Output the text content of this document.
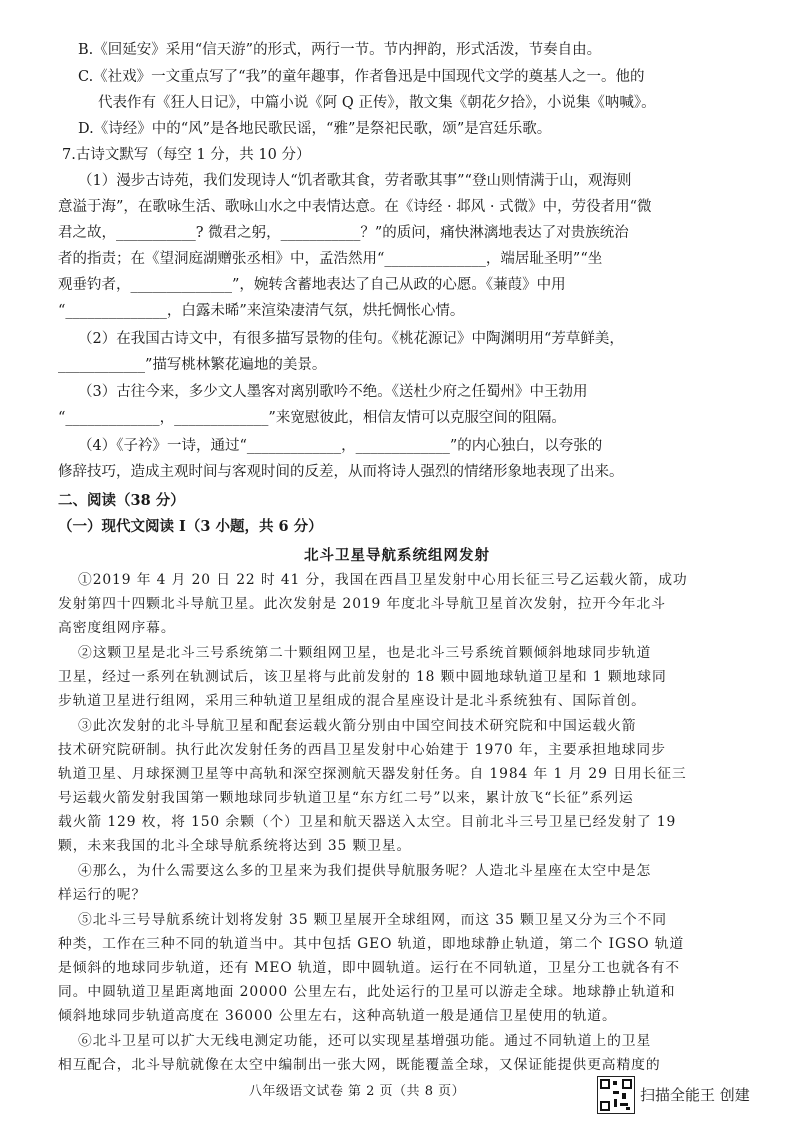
B.《回延安》采用“信天游”的形式，两行一节。节内押韵，形式活泼，节奏自由。
C.《社戏》一文重点写了“我”的童年趣事，作者鲁迅是中国现代文学的奠基人之一。他的
代表作有《狂人日记》，中篇小说《阿 Q 正传》，散文集《朝花夕拾》，小说集《呐喊》。
D.《诗经》中的“风”是各地民歌民谣，“雅”是祭祀民歌，颂”是宫廷乐歌。
7.古诗文默写（每空 1 分，共 10 分）
（1）漫步古诗苑，我们发现诗人“饥者歌其食，劳者歌其事”“登山则情满于山，观海则
意溢于海”，在歌咏生活、歌咏山水之中表情达意。在《诗经 · 邶风 · 式微》中，劳役者用“微
君之故，___________? 微君之躬，___________？”的质问，痛快淋漓地表达了对贵族统治
者的指责；在《望洞庭湖赠张丞相》中，孟浩然用“______________，端居耻圣明”“坐
观垂钓者，______________”，婉转含蓄地表达了自己从政的心愿。《蒹葭》中用
“______________，白露未晞”来渲染凄清气氛，烘托惆怅心情。
（2）在我国古诗文中，有很多描写景物的佳句。《桃花源记》中陶渊明用“芳草鲜美，
____________”描写桃林繁花遍地的美景。
（3）古往今来，多少文人墨客对离别歌吟不绝。《送杜少府之任蜀州》中王勃用
“_____________，_____________”来宽慰彼此，相信友情可以克服空间的阻隔。
（4）《子衿》一诗，通过“_____________，_____________”的内心独白，以夸张的
修辞技巧，造成主观时间与客观时间的反差，从而将诗人强烈的情绪形象地表现了出来。
二、阅读（38 分）
（一）现代文阅读 I（3 小题，共 6 分）
北斗卫星导航系统组网发射
①2019 年 4 月 20 日 22 时 41 分，我国在西昌卫星发射中心用长征三号乙运载火箭，成功
发射第四十四颗北斗导航卫星。此次发射是 2019 年度北斗导航卫星首次发射，拉开今年北斗
高密度组网序幕。
②这颗卫星是北斗三号系统第二十颗组网卫星，也是北斗三号系统首颗倾斜地球同步轨道
卫星，经过一系列在轨测试后，该卫星将与此前发射的 18 颗中圆地球轨道卫星和 1 颗地球同
步轨道卫星进行组网，采用三种轨道卫星组成的混合星座设计是北斗系统独有、国际首创。
③此次发射的北斗导航卫星和配套运载火箭分别由中国空间技术研究院和中国运载火箭
技术研究院研制。执行此次发射任务的西昌卫星发射中心始建于 1970 年，主要承担地球同步
轨道卫星、月球探测卫星等中高轨和深空探测航天器发射任务。自 1984 年 1 月 29 日用长征三
号运载火箭发射我国第一颗地球同步轨道卫星“东方红二号”以来，累计放飞“长征”系列运
载火箭 129 枚，将 150 余颗（个）卫星和航天器送入太空。目前北斗三号卫星已经发射了 19
颗，未来我国的北斗全球导航系统将达到 35 颗卫星。
④那么，为什么需要这么多的卫星来为我们提供导航服务呢？人造北斗星座在太空中是怎
样运行的呢？
⑤北斗三号导航系统计划将发射 35 颗卫星展开全球组网，而这 35 颗卫星又分为三个不同
种类，工作在三种不同的轨道当中。其中包括 GEO 轨道，即地球静止轨道，第二个 IGSO 轨道
是倾斜的地球同步轨道，还有 MEO 轨道，即中圆轨道。运行在不同轨道，卫星分工也就各有不
同。中圆轨道卫星距离地面 20000 公里左右，此处运行的卫星可以游走全球。地球静止轨道和
倾斜地球同步轨道高度在 36000 公里左右，这种高轨道一般是通信卫星使用的轨道。
⑥北斗卫星可以扩大无线电测定功能，还可以实现星基增强功能。通过不同轨道上的卫星
相互配合，北斗导航就像在太空中编制出一张大网，既能覆盖全球，又保证能提供更高精度的
八年级语文试卷 第 2 页（共 8 页）	扫描全能王 创建
